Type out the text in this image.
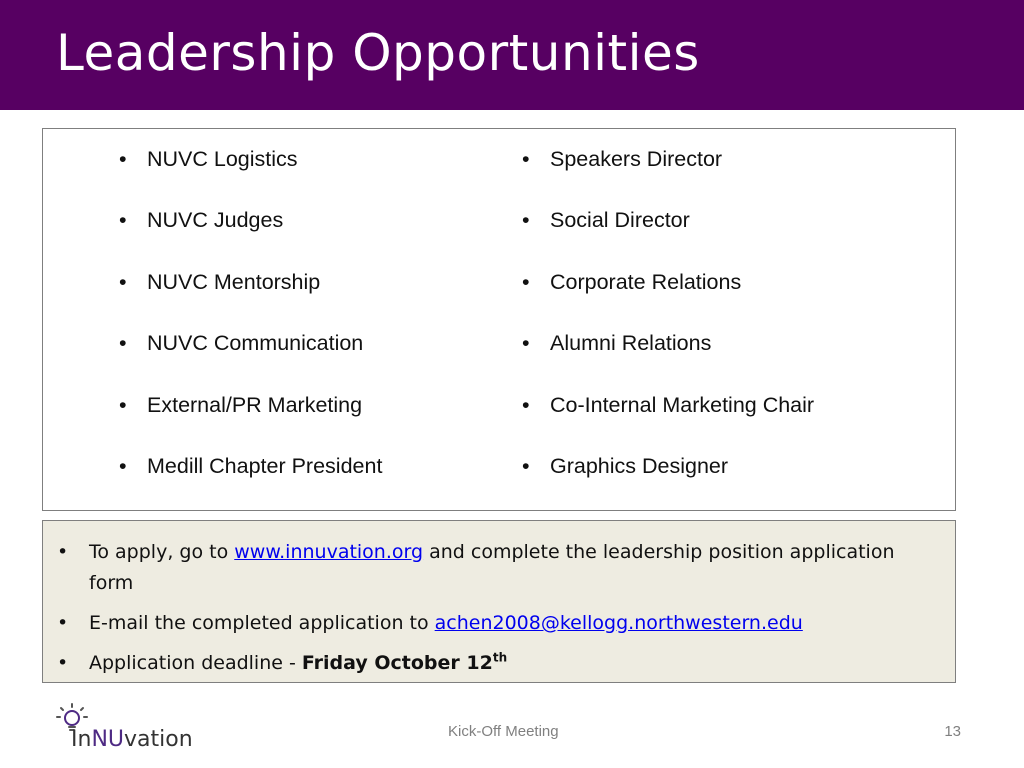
Leadership Opportunities
• NUVC Logistics
• NUVC Judges
• NUVC Mentorship
• NUVC Communication
• External/PR Marketing
• Medill Chapter President
• Speakers Director
• Social Director
• Corporate Relations
• Alumni Relations
• Co-Internal Marketing Chair
• Graphics Designer
• To apply, go to www.innuvation.org and complete the leadership position application form
• E-mail the completed application to achen2008@kellogg.northwestern.edu
• Application deadline - Friday October 12th
InNUvation	Kick-Off Meeting	13
